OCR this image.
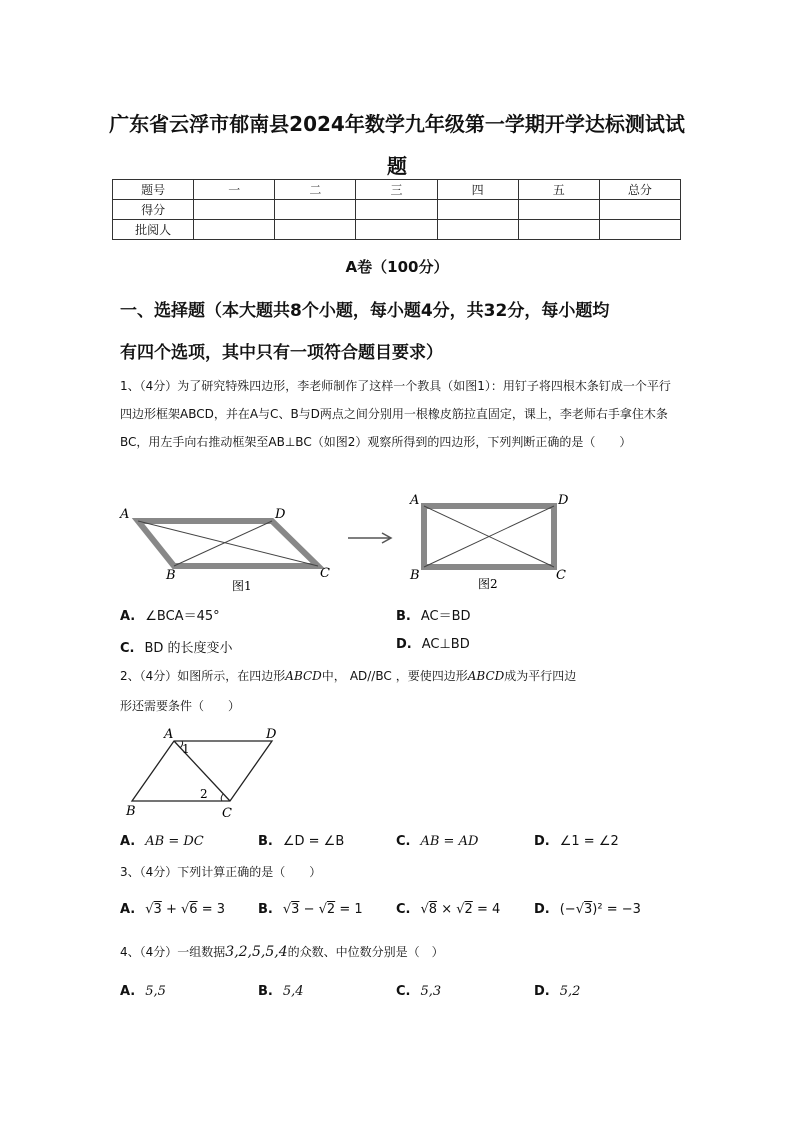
广东省云浮市郁南县2024年数学九年级第一学期开学达标测试试
题
题号	一	二	三	四	五	总分
得分						
批阅人						
A卷（100分）
一、选择题（本大题共8个小题，每小题4分，共32分，每小题均
有四个选项，其中只有一项符合题目要求）
1、（4分）为了研究特殊四边形，李老师制作了这样一个教具（如图1）：用钉子将四根木条钉成一个平行四边形框架ABCD，并在A与C、B与D两点之间分别用一根橡皮筋拉直固定，课上，李老师右手拿住木条BC，用左手向右推动框架至AB⊥BC（如图2）观察所得到的四边形，下列判断正确的是（　　）
A	D
B	C
图1
A	D
B	C
图2
A. ∠BCA＝45°	B. AC＝BD
C. BD 的长度变小	D. AC⊥BD
2、（4分）如图所示，在四边形ABCD中， AD//BC ，要使四边形ABCD成为平行四边
形还需要条件（　　）
A	D
B	C
1
2
A. AB = DC	B. ∠D = ∠B	C. AB = AD	D. ∠1 = ∠2
3、（4分）下列计算正确的是（　　）
A. √3 + √6 = 3	B. √3 − √2 = 1	C. √8 × √2 = 4	D. (−√3)² = −3
4、（4分）一组数据3,2,5,5,4的众数、中位数分别是（　）
A. 5,5	B. 5,4	C. 5,3	D. 5,2
